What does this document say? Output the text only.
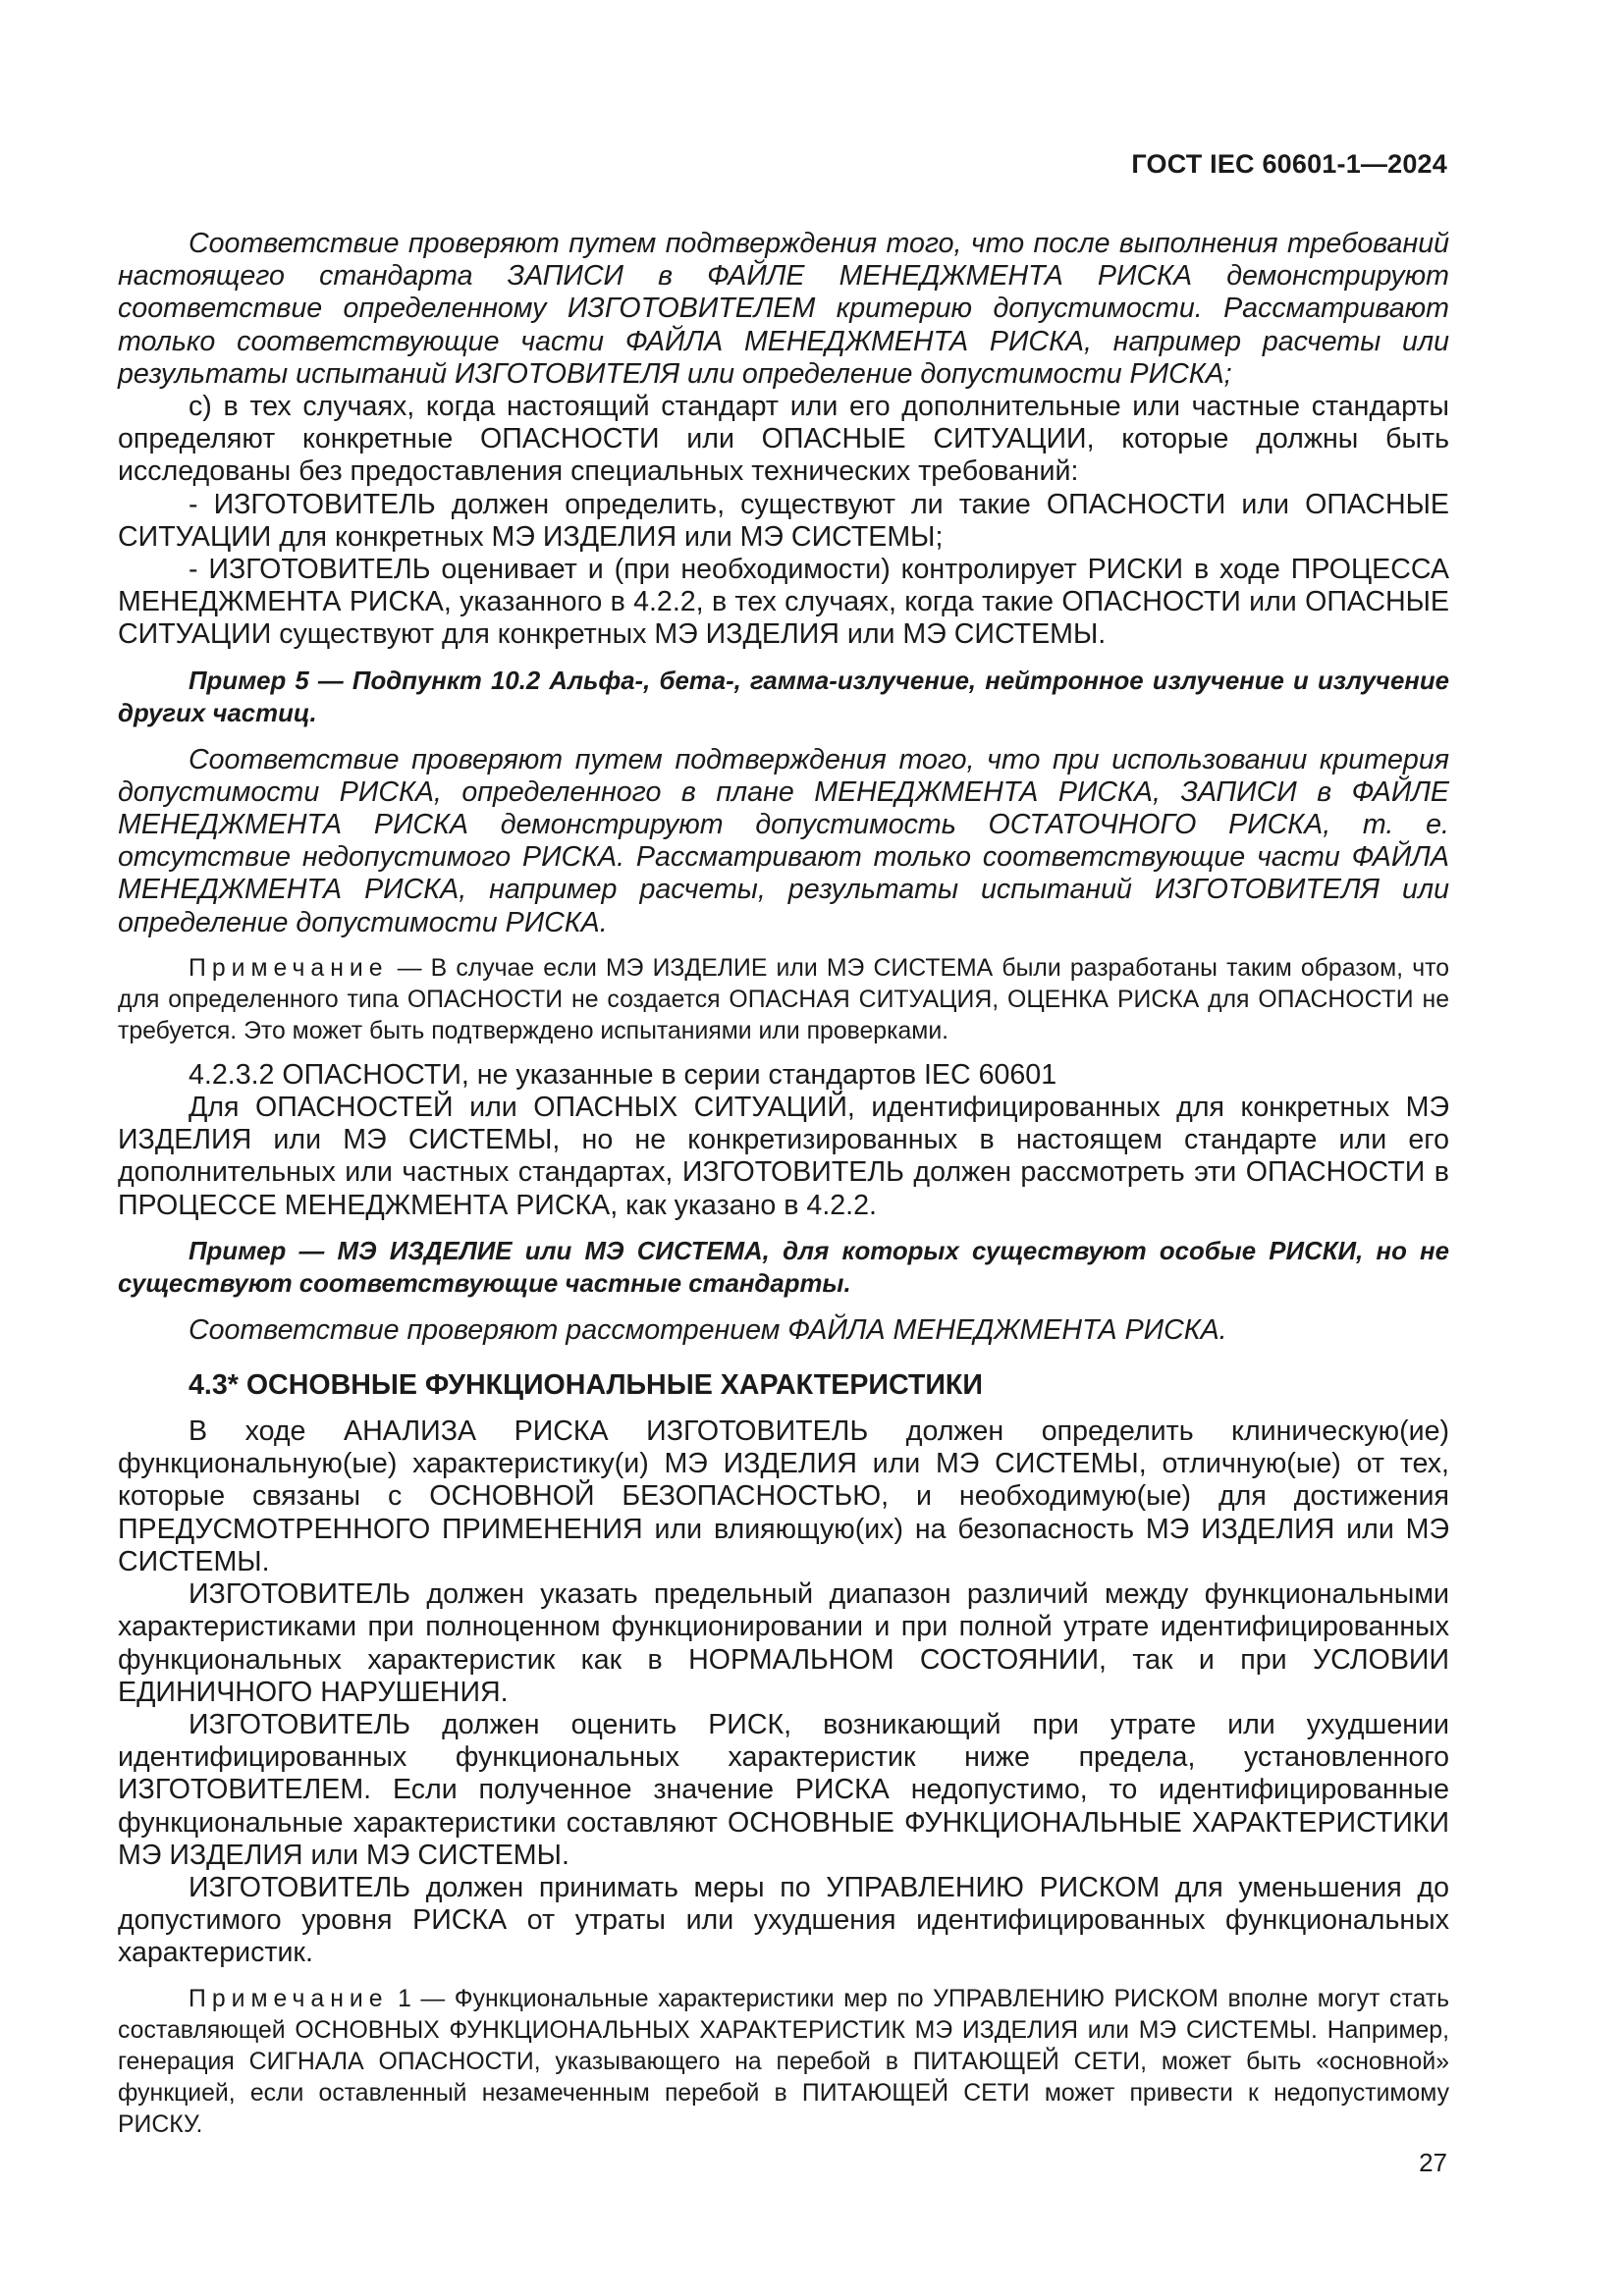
ГОСТ IEC 60601-1—2024

Соответствие проверяют путем подтверждения того, что после выполнения требований настоящего стандарта ЗАПИСИ в ФАЙЛЕ МЕНЕДЖМЕНТА РИСКА демонстрируют соответствие определенному ИЗГОТОВИТЕЛЕМ критерию допустимости. Рассматривают только соответствующие части ФАЙЛА МЕНЕДЖМЕНТА РИСКА, например расчеты или результаты испытаний ИЗГОТОВИТЕЛЯ или определение допустимости РИСКА;

с) в тех случаях, когда настоящий стандарт или его дополнительные или частные стандарты определяют конкретные ОПАСНОСТИ или ОПАСНЫЕ СИТУАЦИИ, которые должны быть исследованы без предоставления специальных технических требований:

- ИЗГОТОВИТЕЛЬ должен определить, существуют ли такие ОПАСНОСТИ или ОПАСНЫЕ СИТУАЦИИ для конкретных МЭ ИЗДЕЛИЯ или МЭ СИСТЕМЫ;

- ИЗГОТОВИТЕЛЬ оценивает и (при необходимости) контролирует РИСКИ в ходе ПРОЦЕССА МЕНЕДЖМЕНТА РИСКА, указанного в 4.2.2, в тех случаях, когда такие ОПАСНОСТИ или ОПАСНЫЕ СИТУАЦИИ существуют для конкретных МЭ ИЗДЕЛИЯ или МЭ СИСТЕМЫ.

Пример 5 — Подпункт 10.2 Альфа-, бета-, гамма-излучение, нейтронное излучение и излучение других частиц.

Соответствие проверяют путем подтверждения того, что при использовании критерия допустимости РИСКА, определенного в плане МЕНЕДЖМЕНТА РИСКА, ЗАПИСИ в ФАЙЛЕ МЕНЕДЖМЕНТА РИСКА демонстрируют допустимость ОСТАТОЧНОГО РИСКА, т. е. отсутствие недопустимого РИСКА. Рассматривают только соответствующие части ФАЙЛА МЕНЕДЖМЕНТА РИСКА, например расчеты, результаты испытаний ИЗГОТОВИТЕЛЯ или определение допустимости РИСКА.

Примечание — В случае если МЭ ИЗДЕЛИЕ или МЭ СИСТЕМА были разработаны таким образом, что для определенного типа ОПАСНОСТИ не создается ОПАСНАЯ СИТУАЦИЯ, ОЦЕНКА РИСКА для ОПАСНОСТИ не требуется. Это может быть подтверждено испытаниями или проверками.

4.2.3.2 ОПАСНОСТИ, не указанные в серии стандартов IEC 60601

Для ОПАСНОСТЕЙ или ОПАСНЫХ СИТУАЦИЙ, идентифицированных для конкретных МЭ ИЗДЕЛИЯ или МЭ СИСТЕМЫ, но не конкретизированных в настоящем стандарте или его дополнительных или частных стандартах, ИЗГОТОВИТЕЛЬ должен рассмотреть эти ОПАСНОСТИ в ПРОЦЕССЕ МЕНЕДЖМЕНТА РИСКА, как указано в 4.2.2.

Пример — МЭ ИЗДЕЛИЕ или МЭ СИСТЕМА, для которых существуют особые РИСКИ, но не существуют соответствующие частные стандарты.

Соответствие проверяют рассмотрением ФАЙЛА МЕНЕДЖМЕНТА РИСКА.

4.3* ОСНОВНЫЕ ФУНКЦИОНАЛЬНЫЕ ХАРАКТЕРИСТИКИ

В ходе АНАЛИЗА РИСКА ИЗГОТОВИТЕЛЬ должен определить клиническую(ие) функциональную(ые) характеристику(и) МЭ ИЗДЕЛИЯ или МЭ СИСТЕМЫ, отличную(ые) от тех, которые связаны с ОСНОВНОЙ БЕЗОПАСНОСТЬЮ, и необходимую(ые) для достижения ПРЕДУСМОТРЕННОГО ПРИМЕНЕНИЯ или влияющую(их) на безопасность МЭ ИЗДЕЛИЯ или МЭ СИСТЕМЫ.

ИЗГОТОВИТЕЛЬ должен указать предельный диапазон различий между функциональными характеристиками при полноценном функционировании и при полной утрате идентифицированных функциональных характеристик как в НОРМАЛЬНОМ СОСТОЯНИИ, так и при УСЛОВИИ ЕДИНИЧНОГО НАРУШЕНИЯ.

ИЗГОТОВИТЕЛЬ должен оценить РИСК, возникающий при утрате или ухудшении идентифицированных функциональных характеристик ниже предела, установленного ИЗГОТОВИТЕЛЕМ. Если полученное значение РИСКА недопустимо, то идентифицированные функциональные характеристики составляют ОСНОВНЫЕ ФУНКЦИОНАЛЬНЫЕ ХАРАКТЕРИСТИКИ МЭ ИЗДЕЛИЯ или МЭ СИСТЕМЫ.

ИЗГОТОВИТЕЛЬ должен принимать меры по УПРАВЛЕНИЮ РИСКОМ для уменьшения до допустимого уровня РИСКА от утраты или ухудшения идентифицированных функциональных характеристик.

Примечание 1 — Функциональные характеристики мер по УПРАВЛЕНИЮ РИСКОМ вполне могут стать составляющей ОСНОВНЫХ ФУНКЦИОНАЛЬНЫХ ХАРАКТЕРИСТИК МЭ ИЗДЕЛИЯ или МЭ СИСТЕМЫ. Например, генерация СИГНАЛА ОПАСНОСТИ, указывающего на перебой в ПИТАЮЩЕЙ СЕТИ, может быть «основной» функцией, если оставленный незамеченным перебой в ПИТАЮЩЕЙ СЕТИ может привести к недопустимому РИСКУ.

27
